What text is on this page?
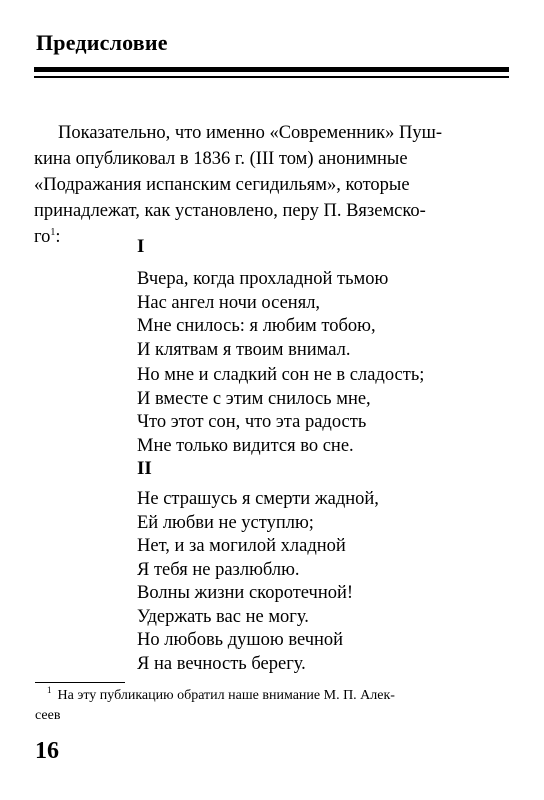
Предисловие
Показательно, что именно «Современник» Пуш-
кина опубликовал в 1836 г. (III том) анонимные
«Подражания испанским сегидильям», которые
принадлежат, как установлено, перу П. Вяземско-
го$^1$:	I
Вчера, когда прохладной тьмою
Нас ангел ночи осенял,
Мне снилось: я любим тобою,
И клятвам я твоим внимал.
Но мне и сладкий сон не в сладость;
И вместе с этим снилось мне,
Что этот сон, что эта радость
Мне только видится во сне.
II
Не страшусь я смерти жадной,
Ей любви не уступлю;
Нет, и за могилой хладной
Я тебя не разлюблю.
Волны жизни скоротечной!
Удержать вас не могу.
Но любовь душою вечной
Я на вечность берегу.
$^1$ На эту публикацию обратил наше внимание М. П. Алек-
сеев
16
